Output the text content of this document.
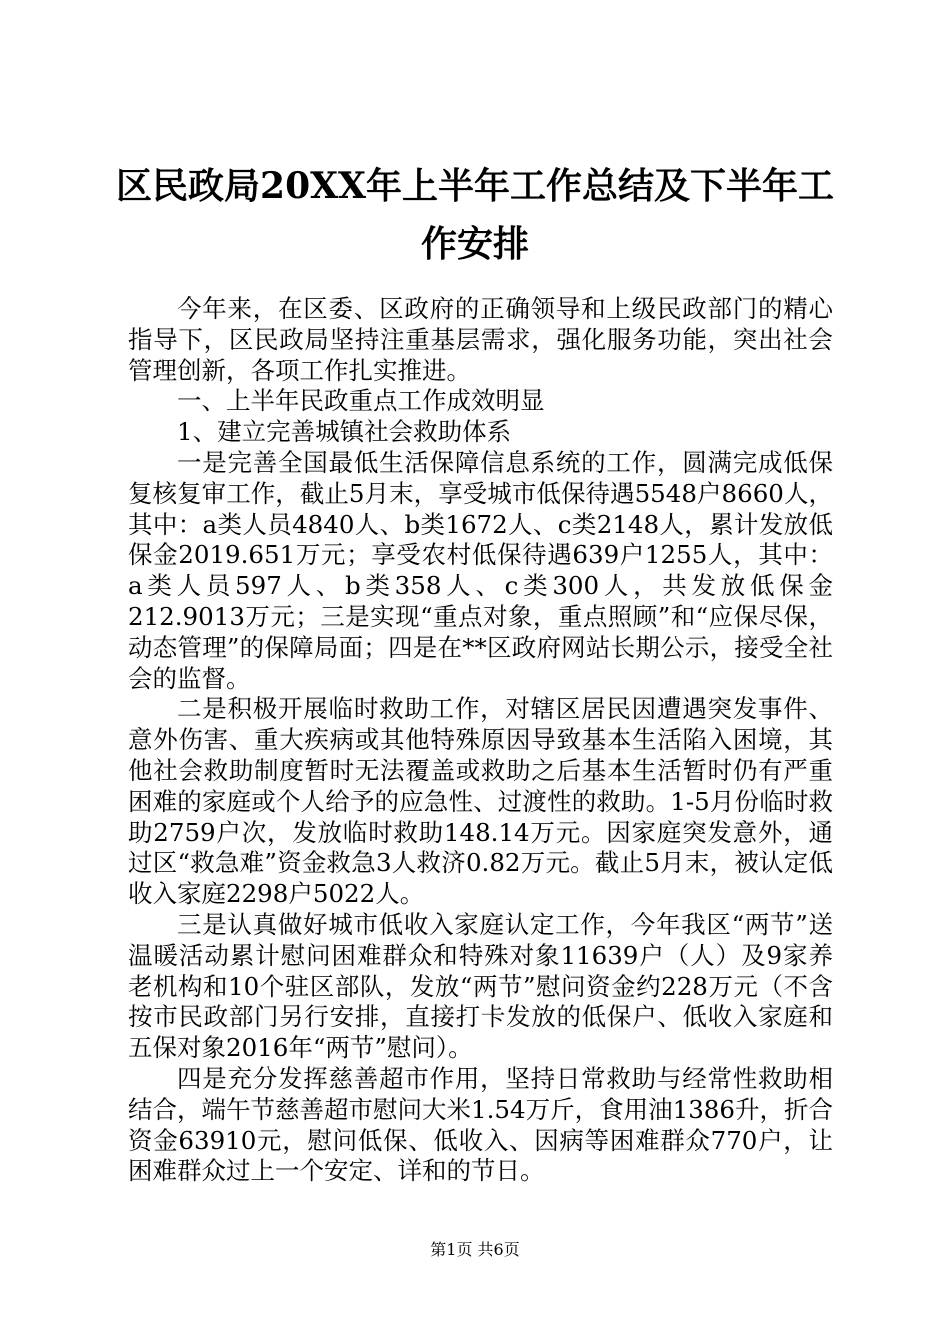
区民政局20XX年上半年工作总结及下半年工
作安排

今年来，在区委、区政府的正确领导和上级民政部门的精心指导下，区民政局坚持注重基层需求，强化服务功能，突出社会管理创新，各项工作扎实推进。

一、上半年民政重点工作成效明显

1、建立完善城镇社会救助体系

一是完善全国最低生活保障信息系统的工作，圆满完成低保复核复审工作，截止5月末，享受城市低保待遇5548户8660人，其中：a类人员4840人、b类1672人、c类2148人，累计发放低保金2019.651万元；享受农村低保待遇639户1255人，其中：a类人员597人、b类358人、c类300人，共发放低保金212.9013万元；三是实现“重点对象，重点照顾”和“应保尽保，动态管理”的保障局面；四是在**区政府网站长期公示，接受全社会的监督。

二是积极开展临时救助工作，对辖区居民因遭遇突发事件、意外伤害、重大疾病或其他特殊原因导致基本生活陷入困境，其他社会救助制度暂时无法覆盖或救助之后基本生活暂时仍有严重困难的家庭或个人给予的应急性、过渡性的救助。1-5月份临时救助2759户次，发放临时救助148.14万元。因家庭突发意外，通过区“救急难”资金救急3人救济0.82万元。截止5月末，被认定低收入家庭2298户5022人。

三是认真做好城市低收入家庭认定工作，今年我区“两节”送温暖活动累计慰问困难群众和特殊对象11639户（人）及9家养老机构和10个驻区部队，发放“两节”慰问资金约228万元（不含按市民政部门另行安排，直接打卡发放的低保户、低收入家庭和五保对象2016年“两节”慰问）。

四是充分发挥慈善超市作用，坚持日常救助与经常性救助相结合，端午节慈善超市慰问大米1.54万斤，食用油1386升，折合资金63910元，慰问低保、低收入、因病等困难群众770户，让困难群众过上一个安定、详和的节日。

第1页 共6页
